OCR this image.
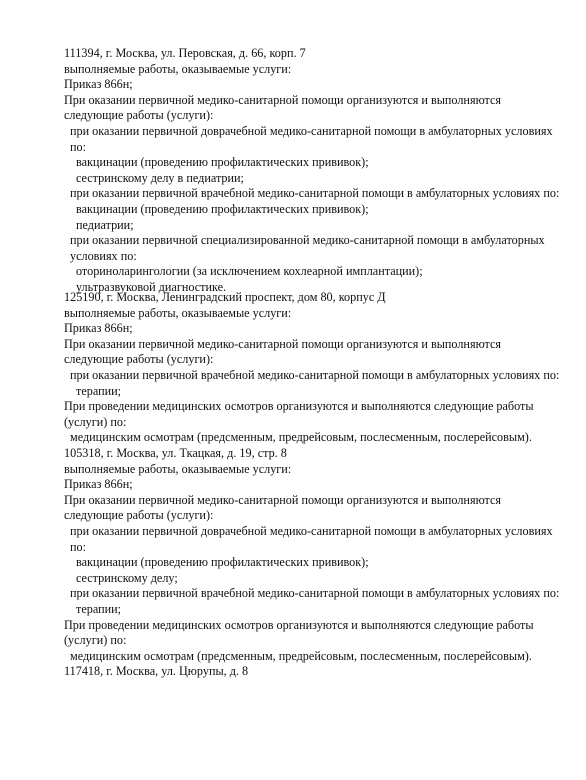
111394, г. Москва, ул. Перовская, д. 66, корп. 7
выполняемые работы, оказываемые услуги:
Приказ 866н;
При оказании первичной медико-санитарной помощи организуются и выполняются следующие работы (услуги):
при оказании первичной доврачебной медико-санитарной помощи в амбулаторных условиях по:
вакцинации (проведению профилактических прививок);
сестринскому делу в педиатрии;
при оказании первичной врачебной медико-санитарной помощи в амбулаторных условиях по:
вакцинации (проведению профилактических прививок);
педиатрии;
при оказании первичной специализированной медико-санитарной помощи в амбулаторных условиях по:
оториноларингологии (за исключением кохлеарной имплантации);
ультразвуковой диагностике.
125190, г. Москва, Ленинградский проспект, дом 80, корпус Д
выполняемые работы, оказываемые услуги:
Приказ 866н;
При оказании первичной медико-санитарной помощи организуются и выполняются следующие работы (услуги):
при оказании первичной врачебной медико-санитарной помощи в амбулаторных условиях по:
терапии;
При проведении медицинских осмотров организуются и выполняются следующие работы (услуги) по:
медицинским осмотрам (предсменным, предрейсовым, послесменным, послерейсовым).
105318, г. Москва, ул. Ткацкая, д. 19, стр. 8
выполняемые работы, оказываемые услуги:
Приказ 866н;
При оказании первичной медико-санитарной помощи организуются и выполняются следующие работы (услуги):
при оказании первичной доврачебной медико-санитарной помощи в амбулаторных условиях по:
вакцинации (проведению профилактических прививок);
сестринскому делу;
при оказании первичной врачебной медико-санитарной помощи в амбулаторных условиях по:
терапии;
При проведении медицинских осмотров организуются и выполняются следующие работы (услуги) по:
медицинским осмотрам (предсменным, предрейсовым, послесменным, послерейсовым).
117418, г. Москва, ул. Цюрупы, д. 8
